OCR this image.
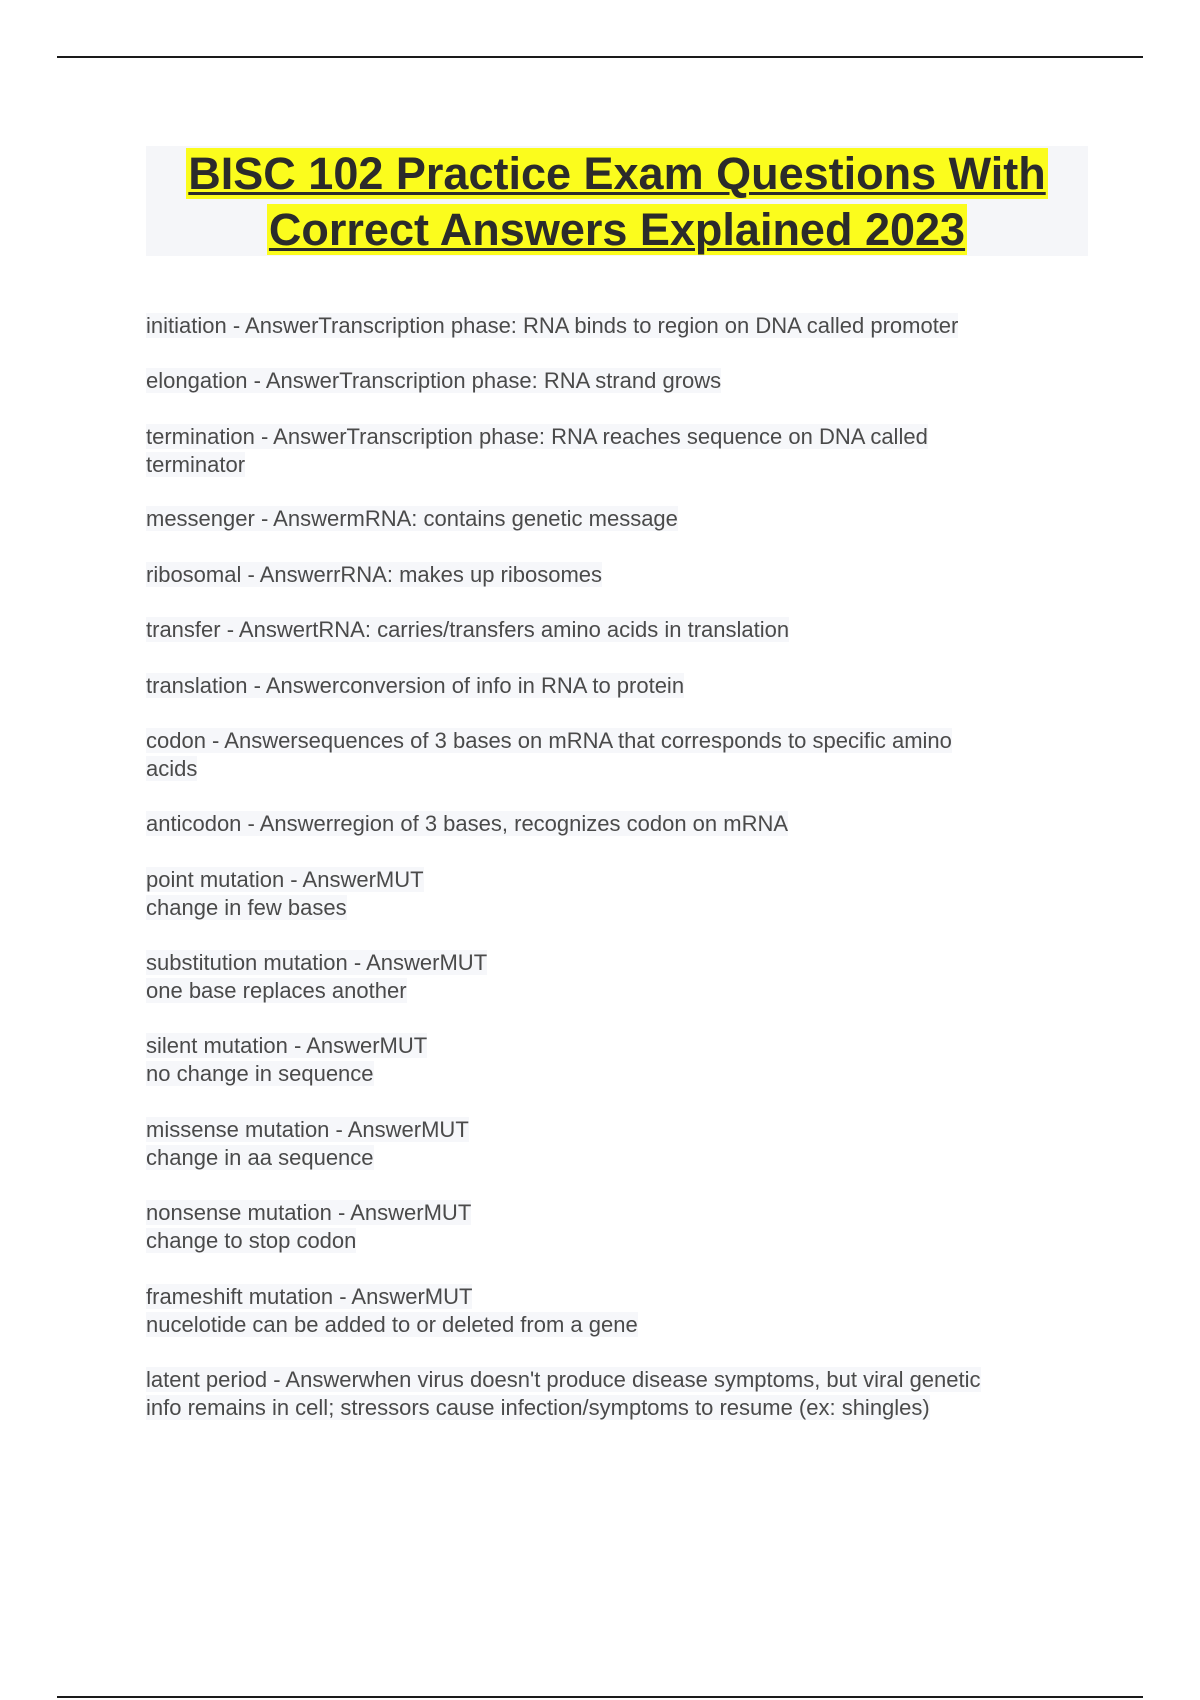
BISC 102 Practice Exam Questions With
Correct Answers Explained 2023
initiation - AnswerTranscription phase: RNA binds to region on DNA called promoter
elongation - AnswerTranscription phase: RNA strand grows
termination - AnswerTranscription phase: RNA reaches sequence on DNA called
terminator
messenger - AnswermRNA: contains genetic message
ribosomal - AnswerrRNA: makes up ribosomes
transfer - AnswertRNA: carries/transfers amino acids in translation
translation - Answerconversion of info in RNA to protein
codon - Answersequences of 3 bases on mRNA that corresponds to specific amino
acids
anticodon - Answerregion of 3 bases, recognizes codon on mRNA
point mutation - AnswerMUT
change in few bases
substitution mutation - AnswerMUT
one base replaces another
silent mutation - AnswerMUT
no change in sequence
missense mutation - AnswerMUT
change in aa sequence
nonsense mutation - AnswerMUT
change to stop codon
frameshift mutation - AnswerMUT
nucelotide can be added to or deleted from a gene
latent period - Answerwhen virus doesn't produce disease symptoms, but viral genetic
info remains in cell; stressors cause infection/symptoms to resume (ex: shingles)
